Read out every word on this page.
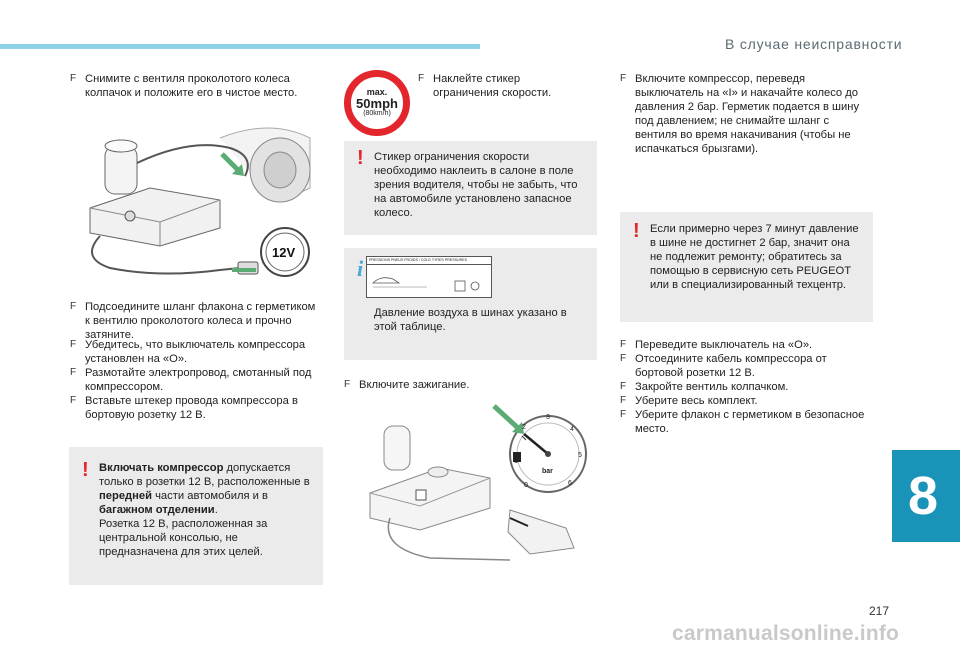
В случае неисправности

F Снимите с вентиля проколотого колеса колпачок и положите его в чистое место.

12V

F Подсоедините шланг флакона с герметиком к вентилю проколотого колеса и прочно затяните.

F Убедитесь, что выключатель компрессора установлен на «O».

F Размотайте электропровод, смотанный под компрессором.

F Вставьте штекер провода компрессора в бортовую розетку 12 В.

! Включать компрессор допускается только в розетки 12 В, расположенные в передней части автомобиля и в багажном отделении.
Розетка 12 В, расположенная за центральной консолью, не предназначена для этих целей.
max.
50mph
(80km/h)

F Наклейте стикер ограничения скорости.

! Стикер ограничения скорости необходимо наклеить в салоне в поле зрения водителя, чтобы не забыть, что на автомобиле установлено запасное колесо.
i	PRESSIONS PNEUS FROIDS / COLD TYRES PRESSURES
Давление воздуха в шинах указано в этой таблице.

F Включите зажигание.

0
1
2
3
4
5
6
bar

F Включите компрессор, переведя выключатель на «I» и накачайте колесо до давления 2 бар. Герметик подается в шину под давлением; не снимайте шланг с вентиля во время накачивания (чтобы не испачкаться брызгами).

! Если примерно через 7 минут давление в шине не достигнет 2 бар, значит она не подлежит ремонту; обратитесь за помощью в сервисную сеть PEUGEOT или в специализированный техцентр.

F Переведите выключатель на «O».

F Отсоедините кабель компрессора от бортовой розетки 12 В.

F Закройте вентиль колпачком.

F Уберите весь комплект.

F Уберите флакон с герметиком в безопасное место.

8
217
carmanualsonline.info
